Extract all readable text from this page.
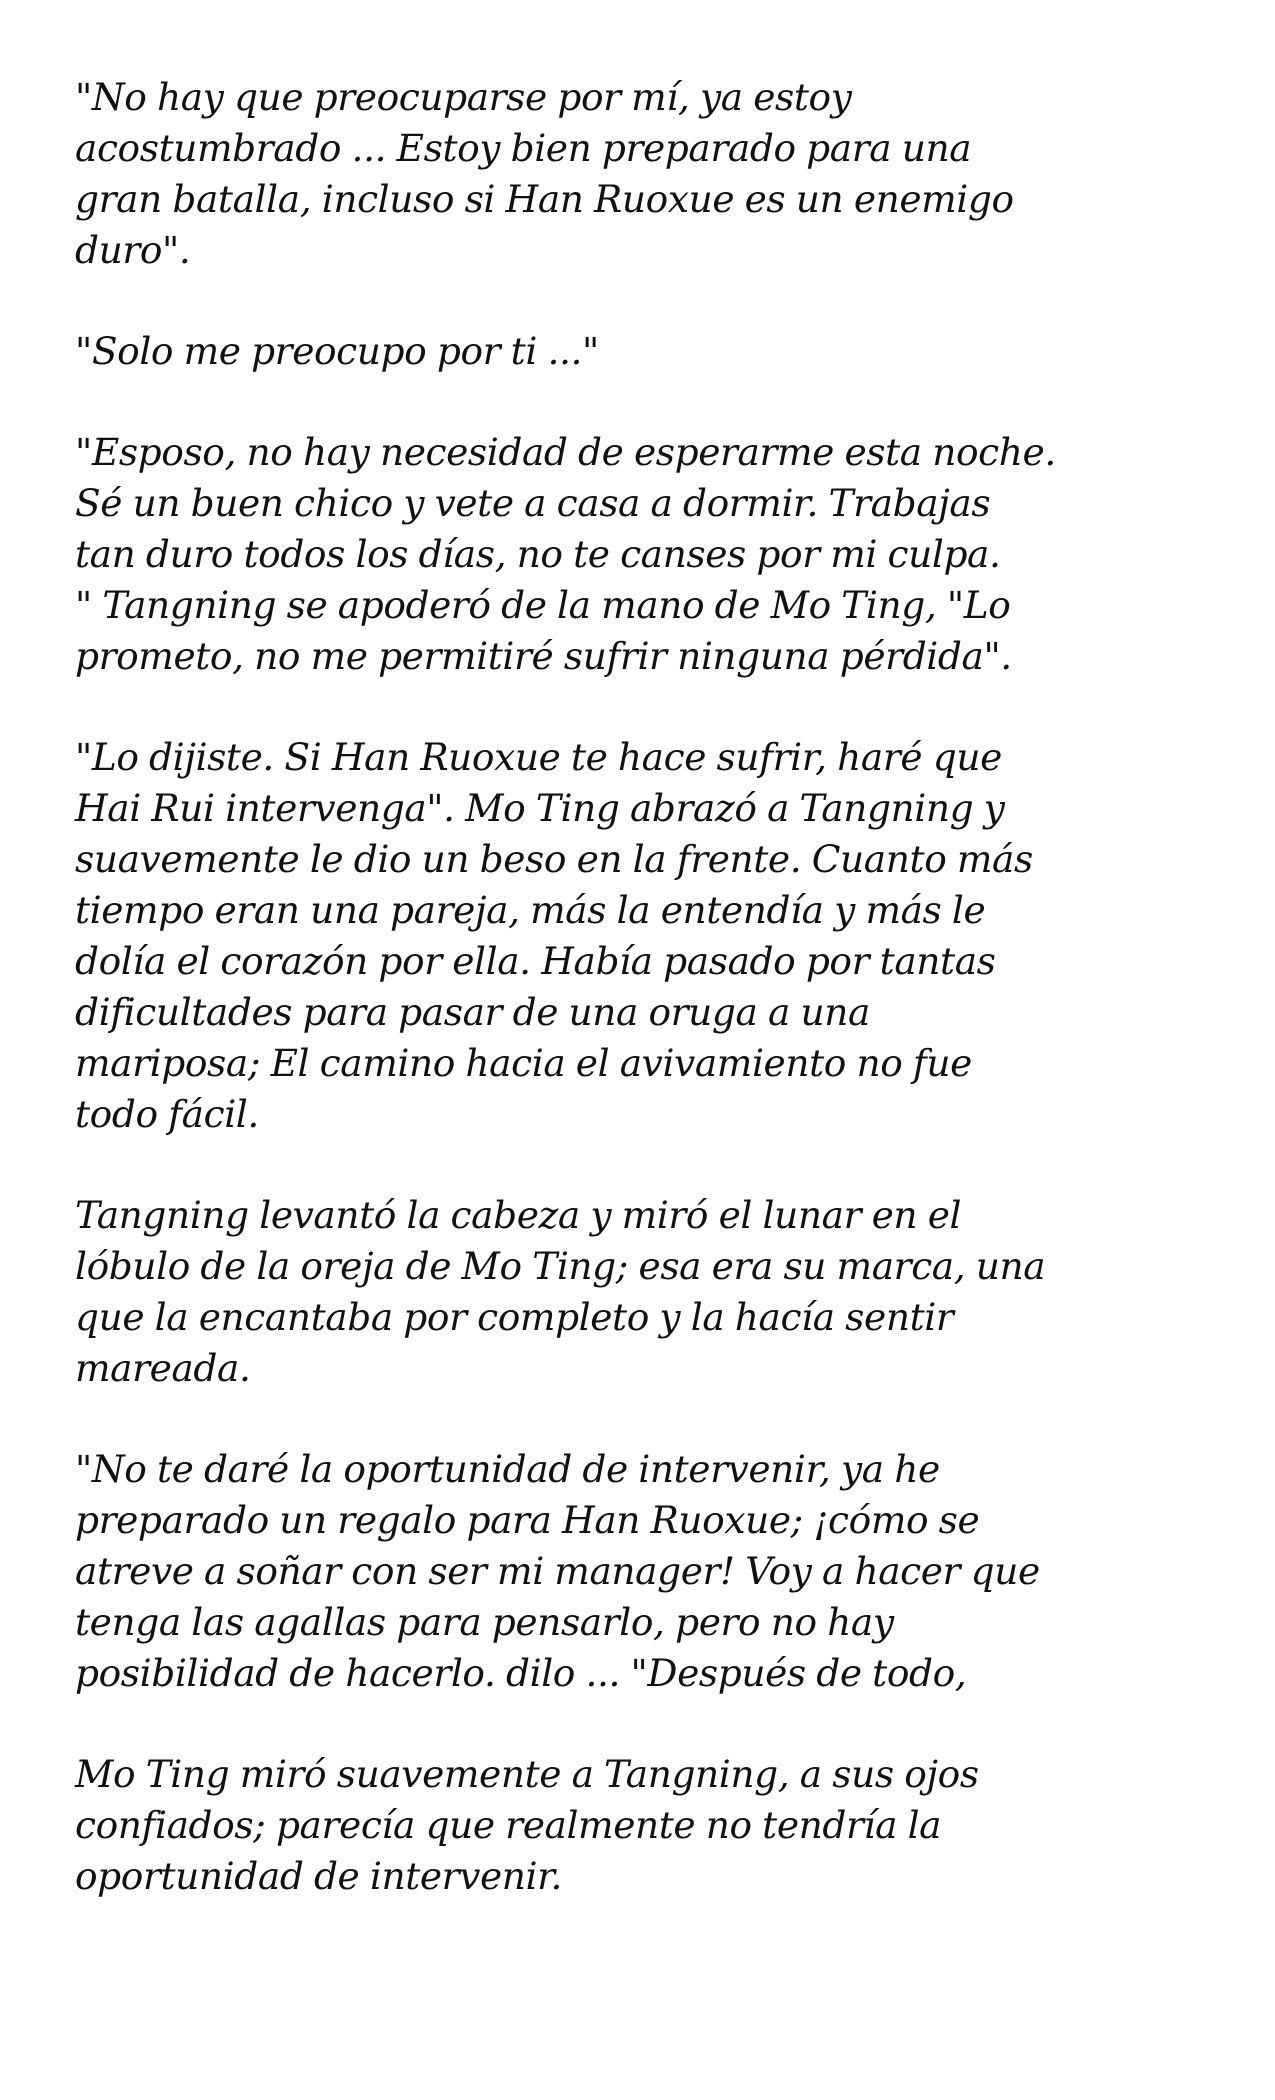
"No hay que preocuparse por mí, ya estoy
acostumbrado ... Estoy bien preparado para una
gran batalla, incluso si Han Ruoxue es un enemigo
duro".
"Solo me preocupo por ti ..."
"Esposo, no hay necesidad de esperarme esta noche.
Sé un buen chico y vete a casa a dormir. Trabajas
tan duro todos los días, no te canses por mi culpa.
" Tangning se apoderó de la mano de Mo Ting, "Lo
prometo, no me permitiré sufrir ninguna pérdida".
"Lo dijiste. Si Han Ruoxue te hace sufrir, haré que
Hai Rui intervenga". Mo Ting abrazó a Tangning y
suavemente le dio un beso en la frente. Cuanto más
tiempo eran una pareja, más la entendía y más le
dolía el corazón por ella. Había pasado por tantas
dificultades para pasar de una oruga a una
mariposa; El camino hacia el avivamiento no fue
todo fácil.
Tangning levantó la cabeza y miró el lunar en el
lóbulo de la oreja de Mo Ting; esa era su marca, una
que la encantaba por completo y la hacía sentir
mareada.
"No te daré la oportunidad de intervenir, ya he
preparado un regalo para Han Ruoxue; ¡cómo se
atreve a soñar con ser mi manager! Voy a hacer que
tenga las agallas para pensarlo, pero no hay
posibilidad de hacerlo. dilo ... "Después de todo,
Mo Ting miró suavemente a Tangning, a sus ojos
confiados; parecía que realmente no tendría la
oportunidad de intervenir.
